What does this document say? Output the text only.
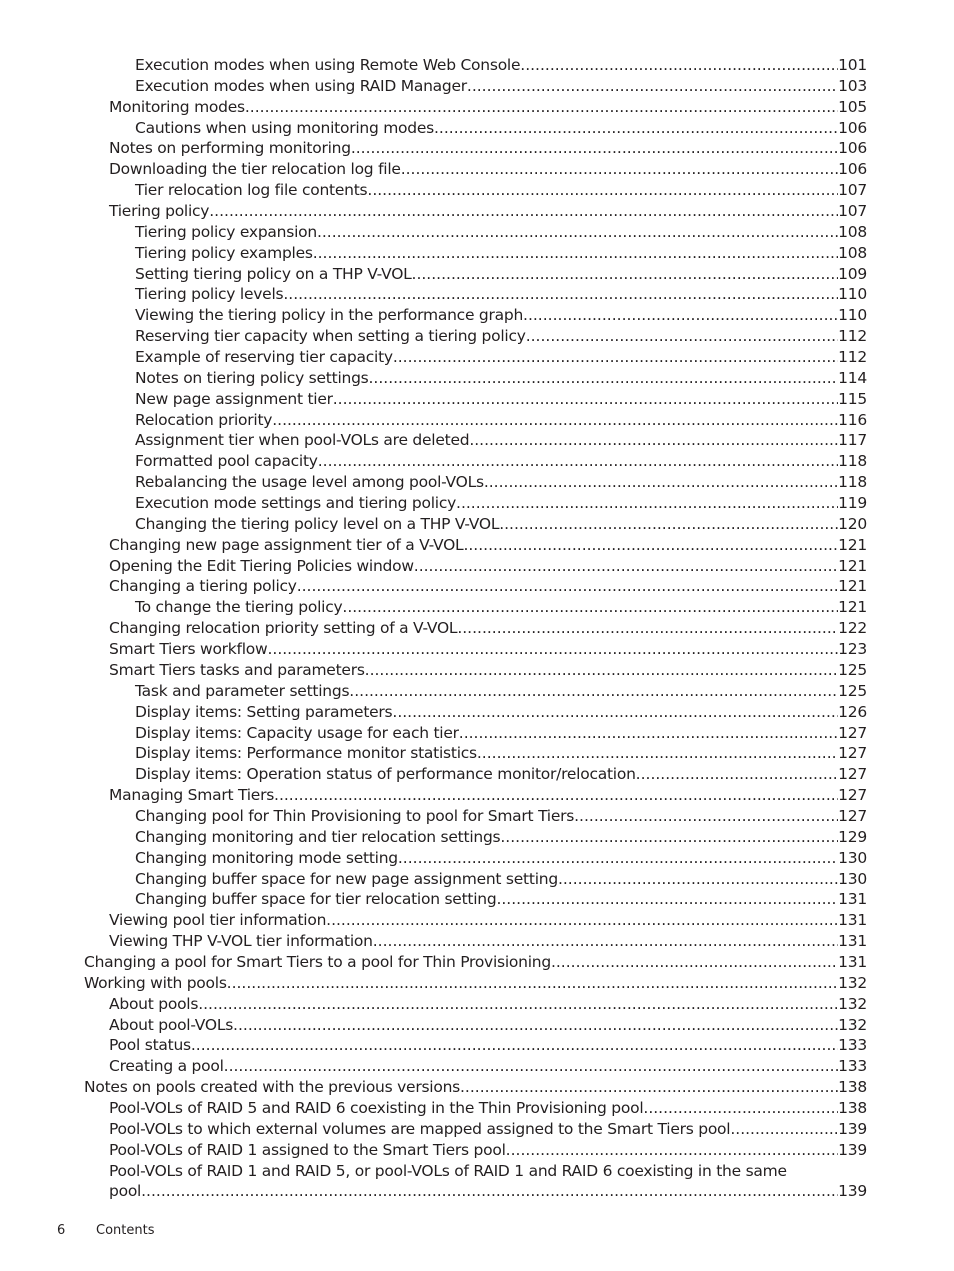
Execution modes when using Remote Web Console .....	101
Execution modes when using RAID Manager .....	103
Monitoring modes .....	105
Cautions when using monitoring modes .....	106
Notes on performing monitoring .....	106
Downloading the tier relocation log file .....	106
Tier relocation log file contents .....	107
Tiering policy .....	107
Tiering policy expansion .....	108
Tiering policy examples .....	108
Setting tiering policy on a THP V-VOL .....	109
Tiering policy levels .....	110
Viewing the tiering policy in the performance graph .....	110
Reserving tier capacity when setting a tiering policy .....	112
Example of reserving tier capacity .....	112
Notes on tiering policy settings .....	114
New page assignment tier .....	115
Relocation priority .....	116
Assignment tier when pool-VOLs are deleted .....	117
Formatted pool capacity .....	118
Rebalancing the usage level among pool-VOLs .....	118
Execution mode settings and tiering policy .....	119
Changing the tiering policy level on a THP V-VOL .....	120
Changing new page assignment tier of a V-VOL .....	121
Opening the Edit Tiering Policies window .....	121
Changing a tiering policy .....	121
To change the tiering policy .....	121
Changing relocation priority setting of a V-VOL .....	122
Smart Tiers workflow .....	123
Smart Tiers tasks and parameters .....	125
Task and parameter settings .....	125
Display items: Setting parameters .....	126
Display items: Capacity usage for each tier .....	127
Display items: Performance monitor statistics .....	127
Display items: Operation status of performance monitor/relocation .....	127
Managing Smart Tiers .....	127
Changing pool for Thin Provisioning to pool for Smart Tiers .....	127
Changing monitoring and tier relocation settings .....	129
Changing monitoring mode setting .....	130
Changing buffer space for new page assignment setting .....	130
Changing buffer space for tier relocation setting .....	131
Viewing pool tier information .....	131
Viewing THP V-VOL tier information .....	131
Changing a pool for Smart Tiers to a pool for Thin Provisioning .....	131
Working with pools .....	132
About pools .....	132
About pool-VOLs .....	132
Pool status .....	133
Creating a pool .....	133
Notes on pools created with the previous versions .....	138
Pool-VOLs of RAID 5 and RAID 6 coexisting in the Thin Provisioning pool .....	138
Pool-VOLs to which external volumes are mapped assigned to the Smart Tiers pool .....	139
Pool-VOLs of RAID 1 assigned to the Smart Tiers pool .....	139
Pool-VOLs of RAID 1 and RAID 5, or pool-VOLs of RAID 1 and RAID 6 coexisting in the same
pool .....	139
6 Contents
